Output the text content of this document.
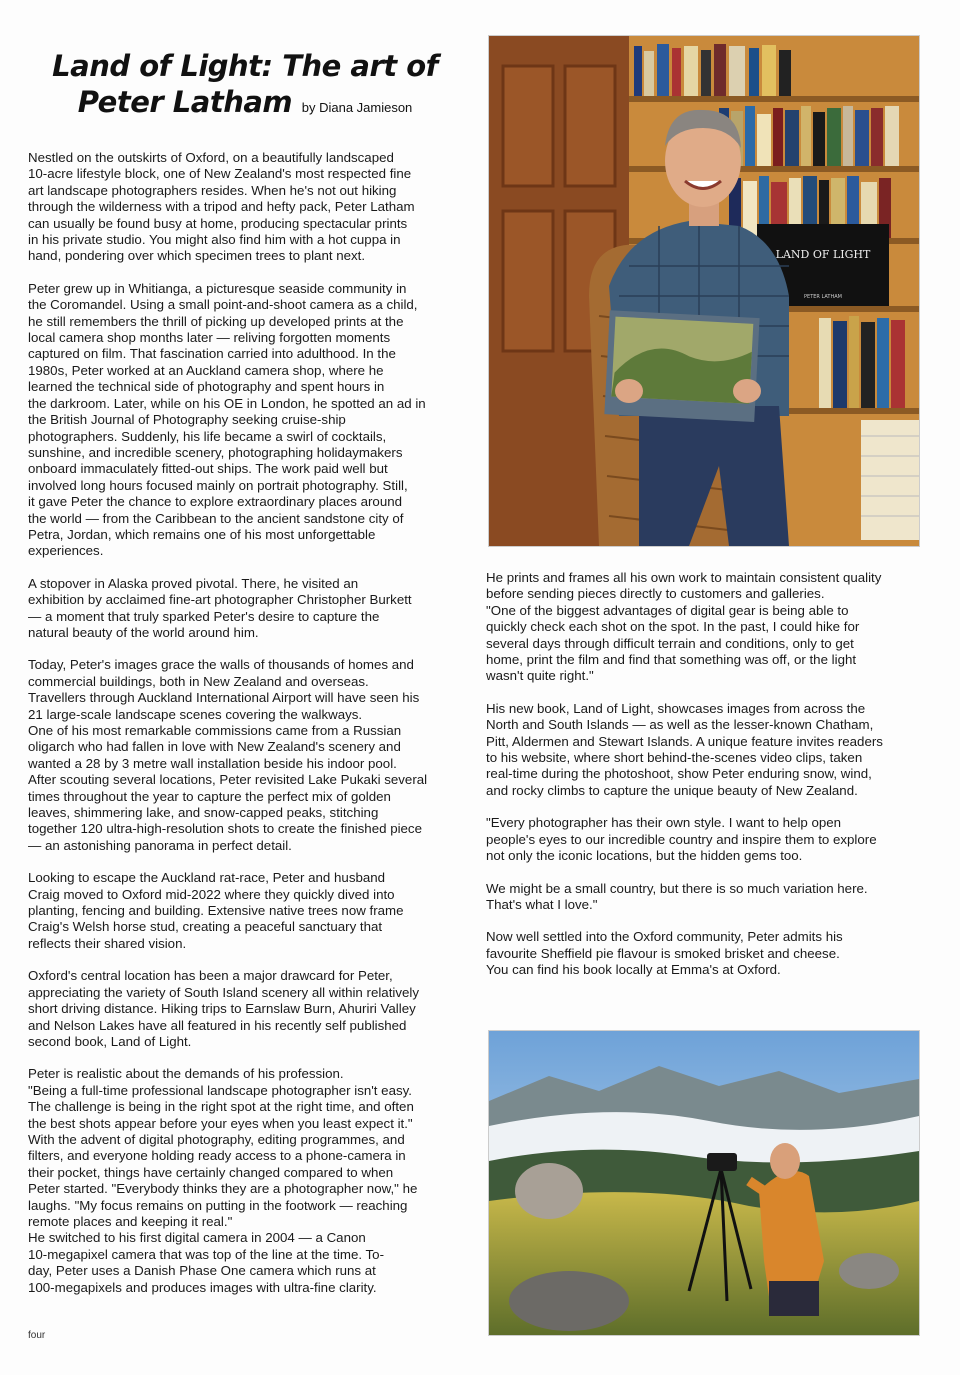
Land of Light: The art of
Peter Latham by Diana Jamieson

Nestled on the outskirts of Oxford, on a beautifully landscaped
10-acre lifestyle block, one of New Zealand's most respected fine
art landscape photographers resides. When he's not out hiking
through the wilderness with a tripod and hefty pack, Peter Latham
can usually be found busy at home, producing spectacular prints
in his private studio. You might also find him with a hot cuppa in
hand, pondering over which specimen trees to plant next.

Peter grew up in Whitianga, a picturesque seaside community in
the Coromandel. Using a small point-and-shoot camera as a child,
he still remembers the thrill of picking up developed prints at the
local camera shop months later — reliving forgotten moments
captured on film. That fascination carried into adulthood. In the
1980s, Peter worked at an Auckland camera shop, where he
learned the technical side of photography and spent hours in
the darkroom. Later, while on his OE in London, he spotted an ad in
the British Journal of Photography seeking cruise-ship
photographers. Suddenly, his life became a swirl of cocktails,
sunshine, and incredible scenery, photographing holidaymakers
onboard immaculately fitted-out ships. The work paid well but
involved long hours focused mainly on portrait photography. Still,
it gave Peter the chance to explore extraordinary places around
the world — from the Caribbean to the ancient sandstone city of
Petra, Jordan, which remains one of his most unforgettable
experiences.

A stopover in Alaska proved pivotal. There, he visited an
exhibition by acclaimed fine-art photographer Christopher Burkett
— a moment that truly sparked Peter's desire to capture the
natural beauty of the world around him.

Today, Peter's images grace the walls of thousands of homes and
commercial buildings, both in New Zealand and overseas.
Travellers through Auckland International Airport will have seen his
21 large-scale landscape scenes covering the walkways.
One of his most remarkable commissions came from a Russian
oligarch who had fallen in love with New Zealand's scenery and
wanted a 28 by 3 metre wall installation beside his indoor pool.
After scouting several locations, Peter revisited Lake Pukaki several
times throughout the year to capture the perfect mix of golden
leaves, shimmering lake, and snow-capped peaks, stitching
together 120 ultra-high-resolution shots to create the finished piece
— an astonishing panorama in perfect detail.

Looking to escape the Auckland rat-race, Peter and husband
Craig moved to Oxford mid-2022 where they quickly dived into
planting, fencing and building. Extensive native trees now frame
Craig's Welsh horse stud, creating a peaceful sanctuary that
reflects their shared vision.

Oxford's central location has been a major drawcard for Peter,
appreciating the variety of South Island scenery all within relatively
short driving distance. Hiking trips to Earnslaw Burn, Ahuriri Valley
and Nelson Lakes have all featured in his recently self published
second book, Land of Light.

Peter is realistic about the demands of his profession.
"Being a full-time professional landscape photographer isn't easy.
The challenge is being in the right spot at the right time, and often
the best shots appear before your eyes when you least expect it."
With the advent of digital photography, editing programmes, and
filters, and everyone holding ready access to a phone-camera in
their pocket, things have certainly changed compared to when
Peter started. "Everybody thinks they are a photographer now," he
laughs. "My focus remains on putting in the footwork — reaching
remote places and keeping it real."
He switched to his first digital camera in 2004 — a Canon
10-megapixel camera that was top of the line at the time. To-
day, Peter uses a Danish Phase One camera which runs at
100-megapixels and produces images with ultra-fine clarity.

LAND OF LIGHT
PETER LATHAM

He prints and frames all his own work to maintain consistent quality
before sending pieces directly to customers and galleries.
"One of the biggest advantages of digital gear is being able to
quickly check each shot on the spot. In the past, I could hike for
several days through difficult terrain and conditions, only to get
home, print the film and find that something was off, or the light
wasn't quite right."

His new book, Land of Light, showcases images from across the
North and South Islands — as well as the lesser-known Chatham,
Pitt, Aldermen and Stewart Islands. A unique feature invites readers
to his website, where short behind-the-scenes video clips, taken
real-time during the photoshoot, show Peter enduring snow, wind,
and rocky climbs to capture the unique beauty of New Zealand.

"Every photographer has their own style. I want to help open
people's eyes to our incredible country and inspire them to explore
not only the iconic locations, but the hidden gems too.

We might be a small country, but there is so much variation here.
That's what I love."

Now well settled into the Oxford community, Peter admits his
favourite Sheffield pie flavour is smoked brisket and cheese.
You can find his book locally at Emma's at Oxford.

four
